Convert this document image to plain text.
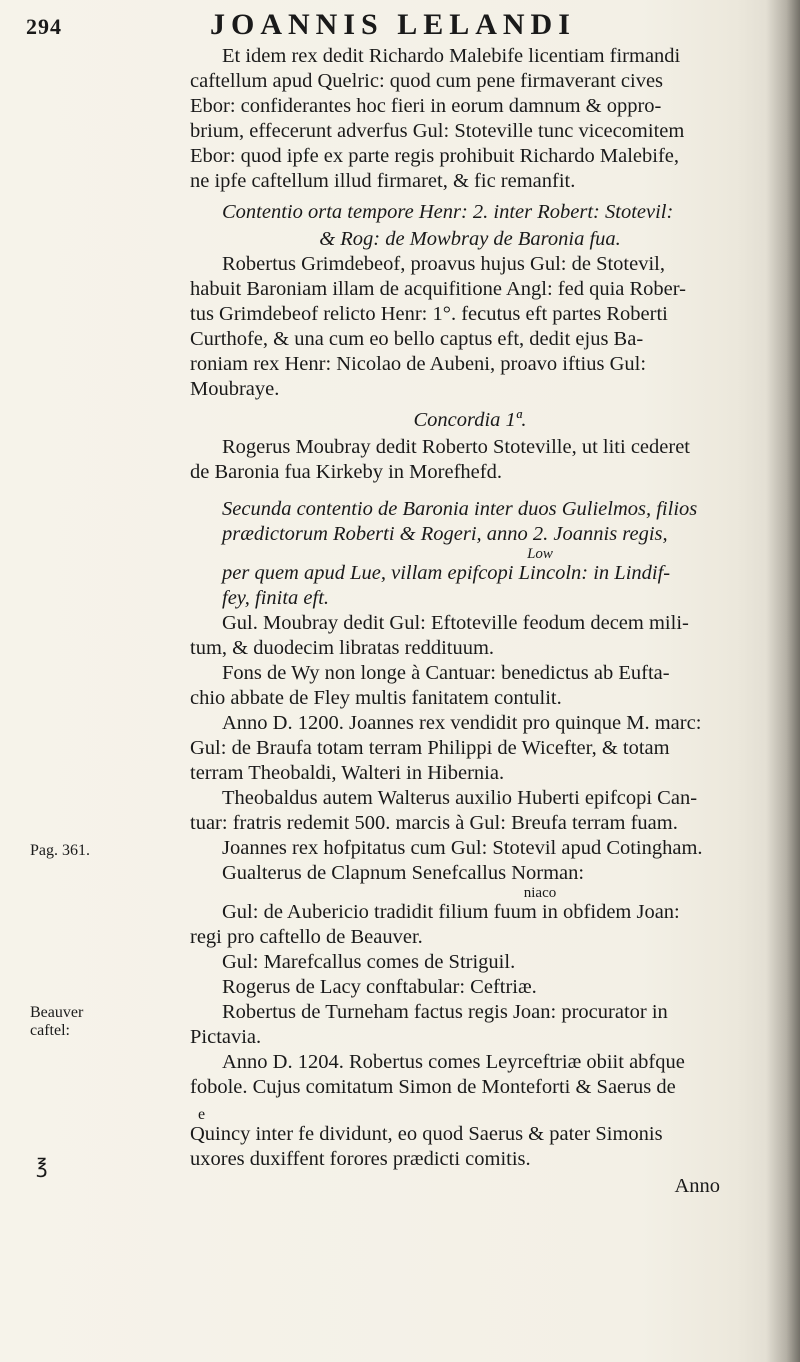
294	JOANNIS LELANDI
Pag. 361.
Beauver
caftel:
℥

Et idem rex dedit Richardo Malebife licentiam firmandi

caftellum apud Quelric: quod cum pene firmaverant cives

Ebor: confiderantes hoc fieri in eorum damnum & oppro-

brium, effecerunt adverfus Gul: Stoteville tunc vicecomitem

Ebor: quod ipfe ex parte regis prohibuit Richardo Malebife,

ne ipfe caftellum illud firmaret, & fic remanfit.

Contentio orta tempore Henr: 2. inter Robert: Stotevil:

& Rog: de Mowbray de Baronia fua.

Robertus Grimdebeof, proavus hujus Gul: de Stotevil,

habuit Baroniam illam de acquifitione Angl: fed quia Rober-

tus Grimdebeof relicto Henr: 1°. fecutus eft partes Roberti

Curthofe, & una cum eo bello captus eft, dedit ejus Ba-

roniam rex Henr: Nicolao de Aubeni, proavo iftius Gul:

Moubraye.

Concordia 1ª.

Rogerus Moubray dedit Roberto Stoteville, ut liti cederet

de Baronia fua Kirkeby in Morefhefd.

Secunda contentio de Baronia inter duos Gulielmos, filios

prædictorum Roberti & Rogeri, anno 2. Joannis regis,

Low

per quem apud Lue, villam epifcopi Lincoln: in Lindif-

fey, finita eft.

Gul. Moubray dedit Gul: Eftoteville feodum decem mili-

tum, & duodecim libratas reddituum.

Fons de Wy non longe à Cantuar: benedictus ab Eufta-

chio abbate de Fley multis fanitatem contulit.

Anno D. 1200. Joannes rex vendidit pro quinque M. marc:

Gul: de Braufa totam terram Philippi de Wicefter, & totam

terram Theobaldi, Walteri in Hibernia.

Theobaldus autem Walterus auxilio Huberti epifcopi Can-

tuar: fratris redemit 500. marcis à Gul: Breufa terram fuam.

Joannes rex hofpitatus cum Gul: Stotevil apud Cotingham.

Gualterus de Clapnum Senefcallus Norman:

niaco

Gul: de Aubericio tradidit filium fuum in obfidem Joan:

regi pro caftello de Beauver.

Gul: Marefcallus comes de Striguil.

Rogerus de Lacy conftabular: Ceftriæ.

Robertus de Turneham factus regis Joan: procurator in

Pictavia.

Anno D. 1204. Robertus comes Leyrceftriæ obiit abfque

fobole. Cujus comitatum Simon de Monteforti & Saerus de

e

Quincy inter fe dividunt, eo quod Saerus & pater Simonis

uxores duxiffent forores prædicti comitis.

Anno
